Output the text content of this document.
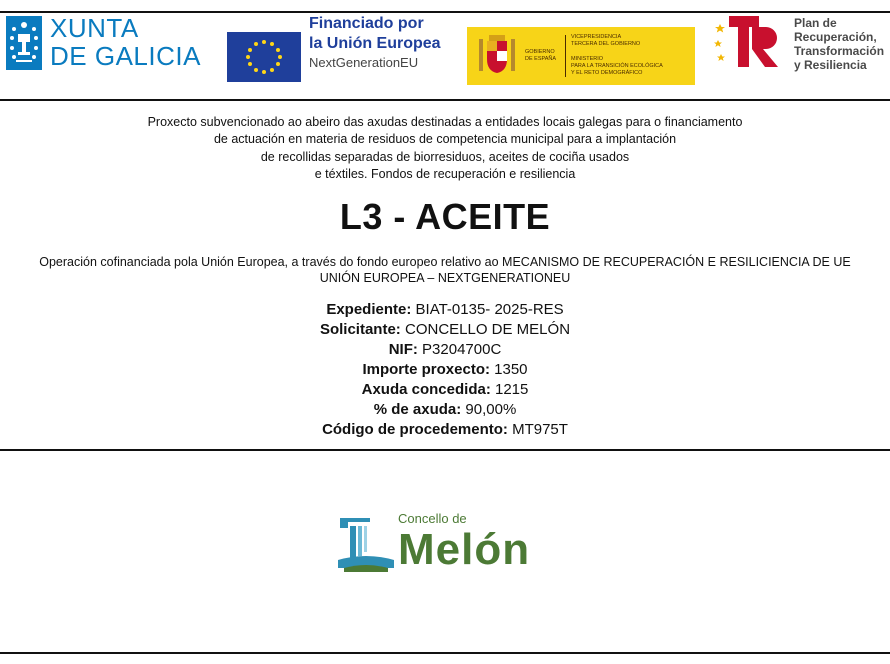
XUNTA
DE GALICIA
Financiado por
la Unión Europea
NextGenerationEU
GOBIERNO
DE ESPAÑA
VICEPRESIDENCIA
TERCERA DEL GOBIERNO
MINISTERIO
PARA LA TRANSICIÓN ECOLÓGICA
Y EL RETO DEMOGRÁFICO
Plan de
Recuperación,
Transformación
y Resiliencia
Proxecto subvencionado ao abeiro das axudas destinadas a entidades locais galegas para o financiamento
de actuación en materia de residuos de competencia municipal para a implantación
de recollidas separadas de biorresiduos, aceites de cociña usados
e téxtiles. Fondos de recuperación e resiliencia
L3 - ACEITE
Operación cofinanciada pola Unión Europea, a través do fondo europeo relativo ao MECANISMO DE RECUPERACIÓN E RESILICIENCIA DE UE
UNIÓN EUROPEA – NEXTGENERATIONEU
Expediente: BIAT-0135- 2025-RES
Solicitante: CONCELLO DE MELÓN
NIF: P3204700C
Importe proxecto: 1350
Axuda concedida: 1215
% de axuda: 90,00%
Código de procedemento: MT975T
Concello de
Melón
